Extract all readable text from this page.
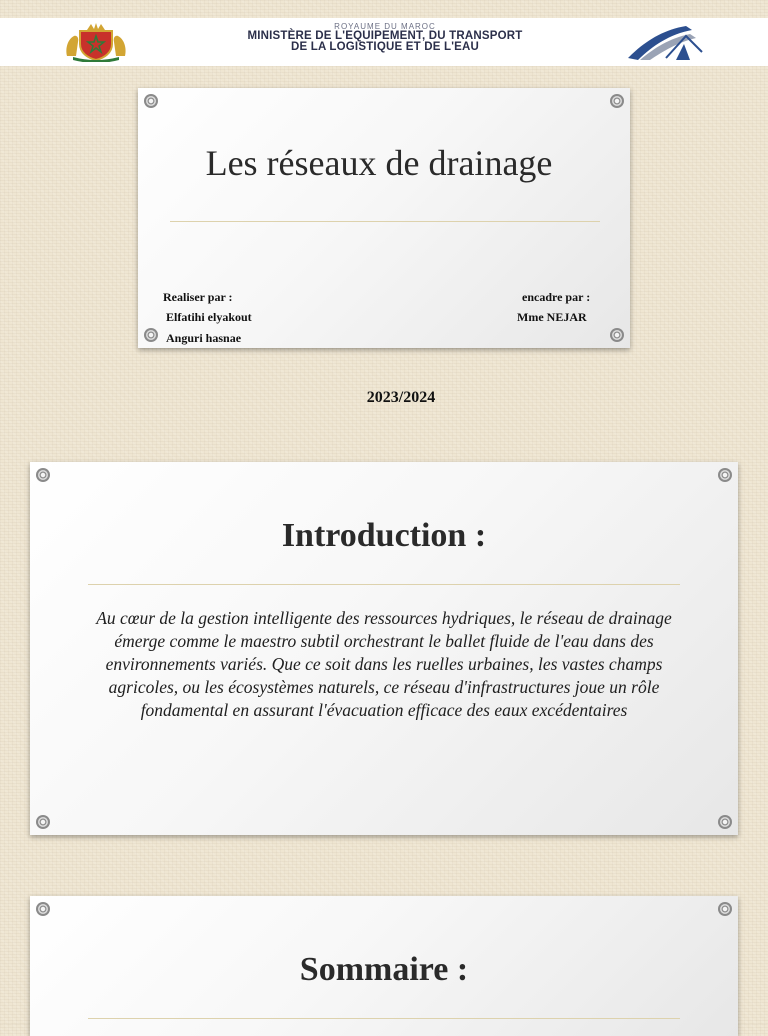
ROYAUME DU MAROC
MINISTÈRE DE L'EQUIPEMENT, DU TRANSPORT
DE LA LOGISTIQUE ET DE L'EAU
Les réseaux de drainage
Realiser par :
Elfatihi elyakout
Anguri hasnae
encadre par :
Mme NEJAR
2023/2024
Introduction :
Au cœur de la gestion intelligente des ressources hydriques, le réseau de drainage émerge comme le maestro subtil orchestrant le ballet fluide de l'eau dans des environnements variés. Que ce soit dans les ruelles urbaines, les vastes champs agricoles, ou les écosystèmes naturels, ce réseau d'infrastructures joue un rôle fondamental en assurant l'évacuation efficace des eaux excédentaires
Sommaire :
